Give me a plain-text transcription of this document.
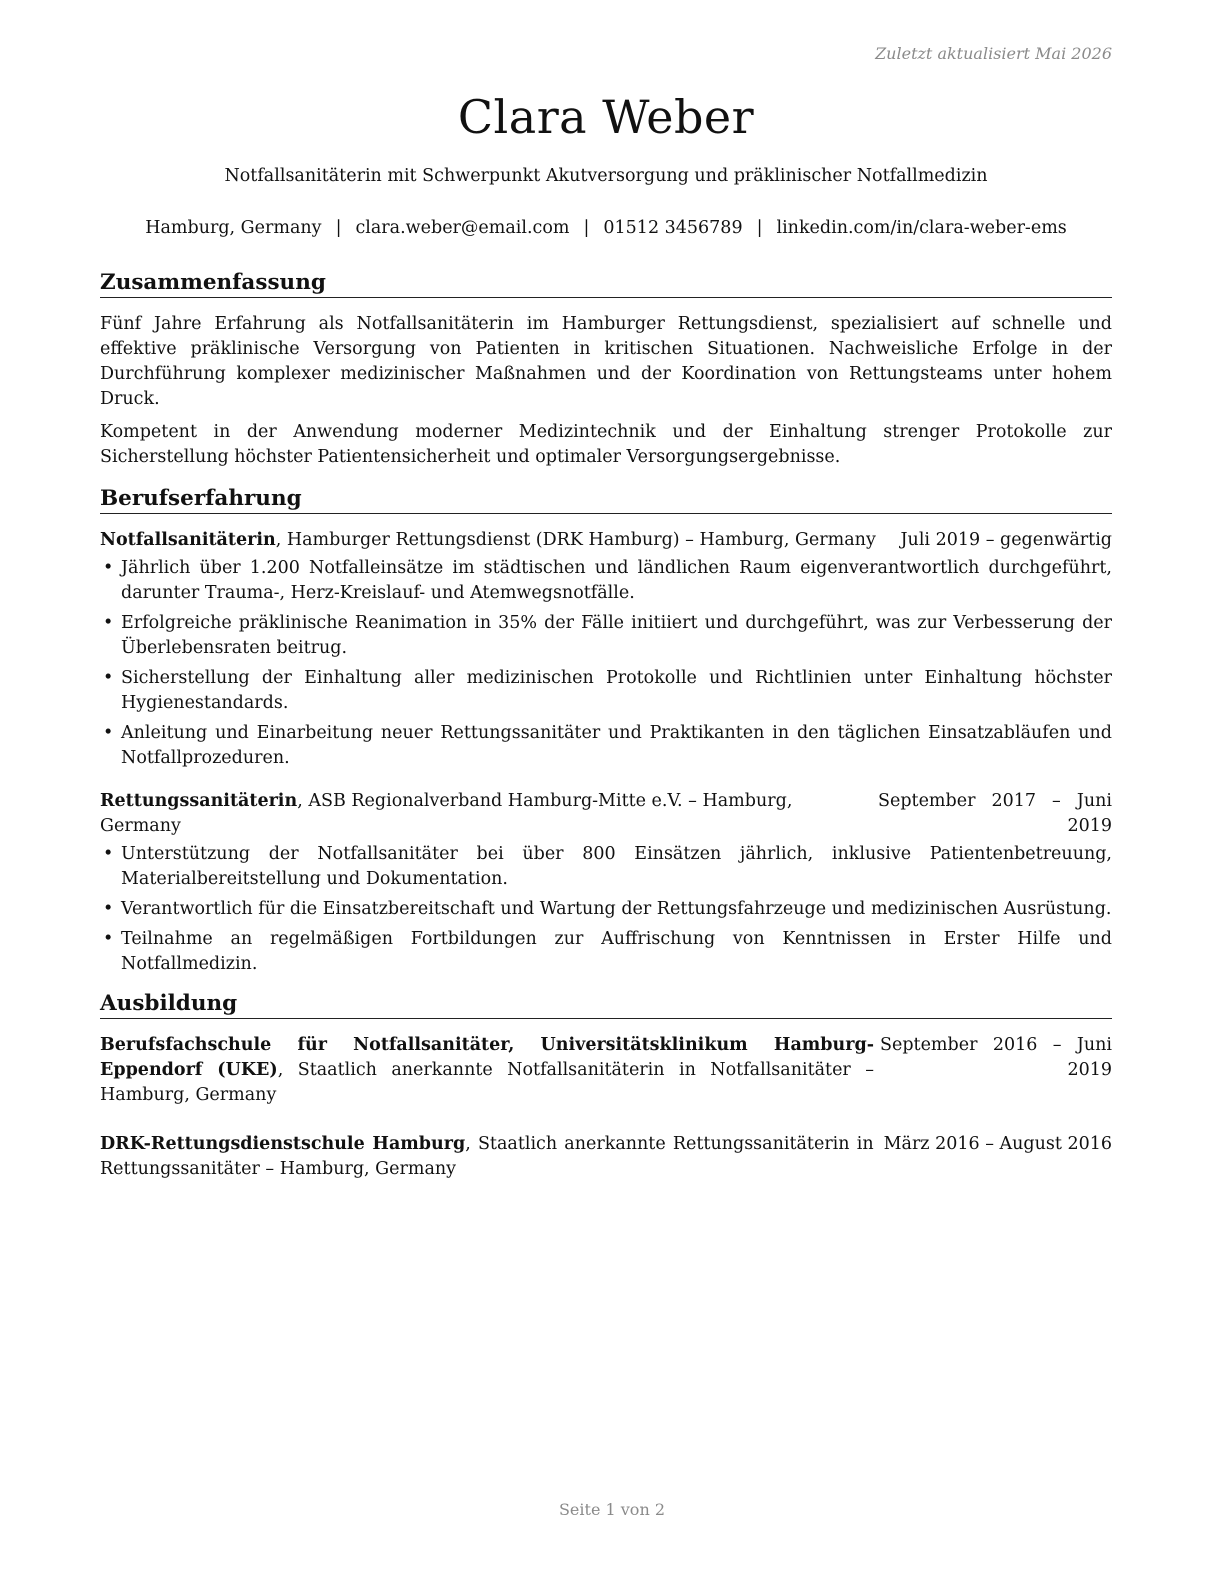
Zuletzt aktualisiert Mai 2026
Clara Weber
Notfallsanitäterin mit Schwerpunkt Akutversorgung und präklinischer Notfallmedizin
Hamburg, Germany | clara.weber@email.com | 01512 3456789 | linkedin.com/in/clara-weber-ems
Zusammenfassung

Fünf Jahre Erfahrung als Notfallsanitäterin im Hamburger Rettungsdienst, spezialisiert auf schnelle und effektive präklinische Versorgung von Patienten in kritischen Situationen. Nachweisliche Erfolge in der Durchführung komplexer medizinischer Maßnahmen und der Koordination von Rettungsteams unter hohem Druck.

Kompetent in der Anwendung moderner Medizintechnik und der Einhaltung strenger Protokolle zur Sicherstellung höchster Patientensicherheit und optimaler Versorgungsergebnisse.

Berufserfahrung
Notfallsanitäterin, Hamburger Rettungsdienst (DRK Hamburg) – Hamburg, Germany	Juli 2019 – gegenwärtig
• Jährlich über 1.200 Notfalleinsätze im städtischen und ländlichen Raum eigenverantwortlich durchgeführt, darunter Trauma-, Herz-Kreislauf- und Atemwegsnotfälle.
• Erfolgreiche präklinische Reanimation in 35% der Fälle initiiert und durchgeführt, was zur Verbesserung der Überlebensraten beitrug.
• Sicherstellung der Einhaltung aller medizinischen Protokolle und Richtlinien unter Einhaltung höchster Hygienestandards.
• Anleitung und Einarbeitung neuer Rettungssanitäter und Praktikanten in den täglichen Einsatzabläufen und Notfallprozeduren.
Rettungssanitäterin, ASB Regionalverband Hamburg-Mitte e.V. – Hamburg, Germany
September 2017 – Juni 2019
• Unterstützung der Notfallsanitäter bei über 800 Einsätzen jährlich, inklusive Patientenbetreuung, Materialbereitstellung und Dokumentation.
• Verantwortlich für die Einsatzbereitschaft und Wartung der Rettungsfahrzeuge und medizinischen Ausrüstung.
• Teilnahme an regelmäßigen Fortbildungen zur Auffrischung von Kenntnissen in Erster Hilfe und Notfallmedizin.
Ausbildung
Berufsfachschule für Notfallsanitäter, Universitätsklinikum Hamburg-Eppendorf (UKE), Staatlich anerkannte Notfallsanitäterin in Notfallsanitäter – Hamburg, Germany
September 2016 – Juni 2019
DRK-Rettungsdienstschule Hamburg, Staatlich anerkannte Rettungssanitäterin in Rettungssanitäter – Hamburg, Germany
März 2016 – August 2016
Seite 1 von 2
